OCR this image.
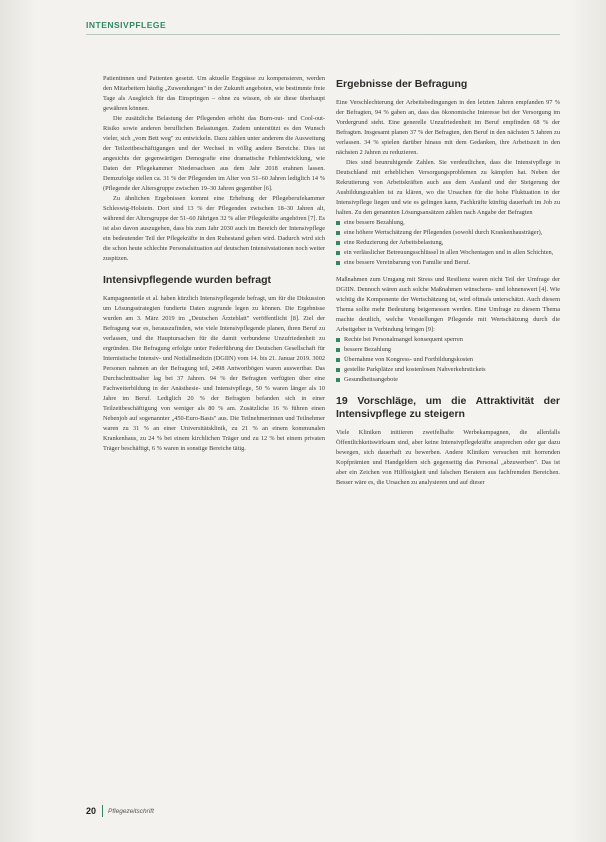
INTENSIVPFLEGE

Patientinnen und Patienten gesetzt. Um aktuelle Engpässe zu kompensieren, werden den Mitarbeitern häufig „Zuwendungen" in der Zukunft angeboten, wie bestimmte freie Tage als Ausgleich für das Einspringen – ohne zu wissen, ob sie diese überhaupt gewähren können.

Die zusätzliche Belastung der Pflegenden erhöht das Burn-out- und Cool-out-Risiko sowie anderen beruflichen Belastungen. Zudem unterstützt es den Wunsch vieler, sich „vom Bett weg" zu entwickeln. Dazu zählen unter anderem die Ausweitung der Teilzeitbeschäftigungen und der Wechsel in völlig andere Bereiche. Dies ist angesichts der gegenwärtigen Demografie eine dramatische Fehlentwicklung, wie Daten der Pflegekammer Niedersachsen aus dem Jahr 2018 erahnen lassen. Demzufolge stellen ca. 31 % der Pflegenden im Alter von 51–60 Jahren lediglich 14 % (Pflegende der Altersgruppe zwischen 19–30 Jahren gegenüber [6].

Zu ähnlichen Ergebnissen kommt eine Erhebung der Pflegeberufekammer Schleswig-Holstein. Dort sind 13 % der Pflegenden zwischen 18–30 Jahren alt, während der Altersgruppe der 51–60 Jährigen 32 % aller Pflegekräfte angehören [7]. Es ist also davon auszugehen, dass bis zum Jahr 2030 auch im Bereich der Intensivpflege ein bedeutender Teil der Pflegekräfte in den Ruhestand gehen wird. Dadurch wird sich die schon heute schlechte Personalsituation auf deutschen Intensivstationen noch weiter zuspitzen.

Intensivpflegende wurden befragt

Kampagnenteile et al. haben kürzlich Intensivpflegende befragt, um für die Diskussion um Lösungsstrategien fundierte Daten zugrunde legen zu können. Die Ergebnisse wurden am 3. März 2019 im „Deutschen Ärzteblatt" veröffentlicht [8]. Ziel der Befragung war es, herauszufinden, wie viele Intensivpflegende planen, ihren Beruf zu verlassen, und die Hauptursachen für die damit verbundene Unzufriedenheit zu ergründen. Die Befragung erfolgte unter Federführung der Deutschen Gesellschaft für Internistische Intensiv- und Notfallmedizin (DGIIN) vom 14. bis 21. Januar 2019. 3002 Personen nahmen an der Befragung teil, 2498 Antwortbögen waren auswertbar. Das Durchschnittsalter lag bei 37 Jahren. 94 % der Befragten verfügten über eine Fachweiterbildung in der Anästhesie- und Intensivpflege, 50 % waren länger als 10 Jahre im Beruf. Lediglich 20 % der Befragten befanden sich in einer Teilzeitbeschäftigung von weniger als 80 % am. Zusätzliche 16 % führen einen Nebenjob auf sogenannter „450-Euro-Basis" aus. Die Teilnehmerinnen und Teilnehmer waren zu 31 % an einer Universitätsklinik, zu 21 % an einem kommunalen Krankenhaus, zu 24 % bei einem kirchlichen Träger und zu 12 % bei einem privaten Träger beschäftigt, 6 % waren in sonstige Bereiche tätig.

Ergebnisse der Befragung

Eine Verschlechterung der Arbeitsbedingungen in den letzten Jahren empfanden 97 % der Befragten, 94 % gaben an, dass das ökonomische Interesse bei der Versorgung im Vordergrund steht. Eine generelle Unzufriedenheit im Beruf empfinden 68 % der Befragten. Insgesamt planen 37 % der Befragten, den Beruf in den nächsten 5 Jahren zu verlassen. 34 % spielen darüber hinaus mit dem Gedanken, ihre Arbeitszeit in den nächsten 2 Jahren zu reduzieren.

Dies sind beunruhigende Zahlen. Sie verdeutlichen, dass die Intensivpflege in Deutschland mit erheblichen Versorgungsproblemen zu kämpfen hat. Neben der Rekrutierung von Arbeitskräften auch aus dem Ausland und der Steigerung der Ausbildungszahlen ist zu klären, wo die Ursachen für die hohe Fluktuation in der Intensivpflege liegen und wie es gelingen kann, Fachkräfte künftig dauerhaft im Job zu halten. Zu den genannten Lösungsansätzen zählen nach Angabe der Befragten

eine bessere Bezahlung,
eine höhere Wertschätzung der Pflegenden (sowohl durch Krankenhausträger),
eine Reduzierung der Arbeitsbelastung,
ein verlässlicher Betreuungsschlüssel in allen Wochentagen und in allen Schichten,
eine bessere Vereinbarung von Familie und Beruf.

Maßnahmen zum Umgang mit Stress und Resilienz waren nicht Teil der Umfrage der DGIIN. Dennoch wären auch solche Maßnahmen wünschens- und lohnenswert [4]. Wie wichtig die Komponente der Wertschätzung ist, wird oftmals unterschätzt. Auch diesem Thema sollte mehr Bedeutung beigemessen werden. Eine Umfrage zu diesem Thema machte deutlich, welche Vorstellungen Pflegende mit Wertschätzung durch die Arbeitgeber in Verbindung bringen [9]:

Rechte bei Personalmangel konsequent sperren
bessere Bezahlung
Übernahme von Kongress- und Fortbildungskosten
gestellte Parkplätze und kostenlosen Nahverkehrstickets
Gesundheitsangebote
19 Vorschläge, um die Attraktivität der Intensivpflege zu steigern

Viele Kliniken initiieren zweifelhafte Werbekampagnen, die allenfalls Öffentlichkeitswirksam sind, aber keine Intensivpflegekräfte ansprechen oder gar dazu bewegen, sich dauerhaft zu bewerben. Andere Kliniken versuchen mit horrenden Kopfprämien und Handgeldern sich gegenseitig das Personal „abzuwerben". Das ist aber ein Zeichen von Hilflosigkeit und falschen Beratern aus fachfremden Bereichen. Besser wäre es, die Ursachen zu analysieren und auf dieser

20 Pflegezeitschrift
